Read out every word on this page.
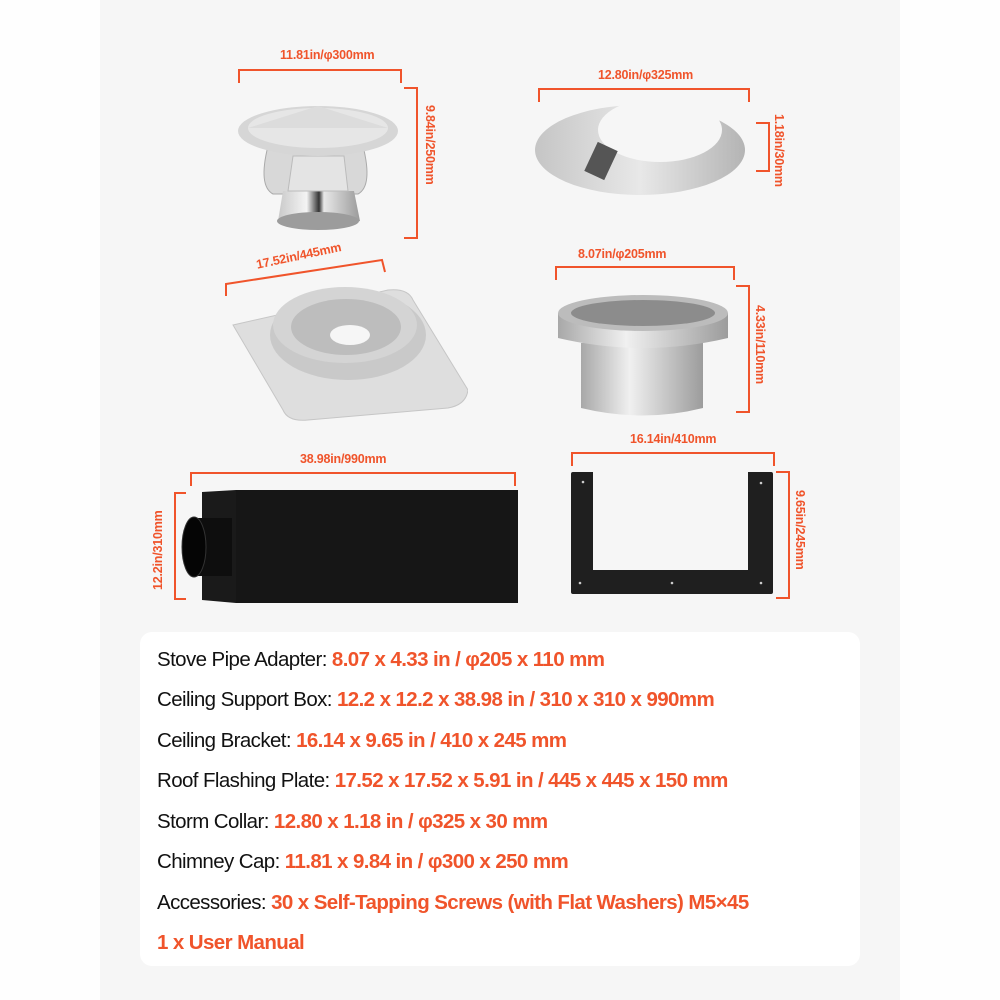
11.81in/φ300mm
9.84in/250mm
12.80in/φ325mm
1.18in/30mm
17.52in/445mm	8.07in/φ205mm
4.33in/110mm
38.98in/990mm
12.2in/310mm
16.14in/410mm
9.65in/245mm
Stove Pipe Adapter: 8.07 x 4.33 in / φ205 x 110 mm
Ceiling Support Box: 12.2 x 12.2 x 38.98 in / 310 x 310 x 990mm
Ceiling Bracket: 16.14 x 9.65 in / 410 x 245 mm
Roof Flashing Plate: 17.52 x 17.52 x 5.91 in / 445 x 445 x 150 mm
Storm Collar: 12.80 x 1.18 in / φ325 x 30 mm
Chimney Cap: 11.81 x 9.84 in / φ300 x 250 mm
Accessories: 30 x Self-Tapping Screws (with Flat Washers) M5×45
1 x User Manual
